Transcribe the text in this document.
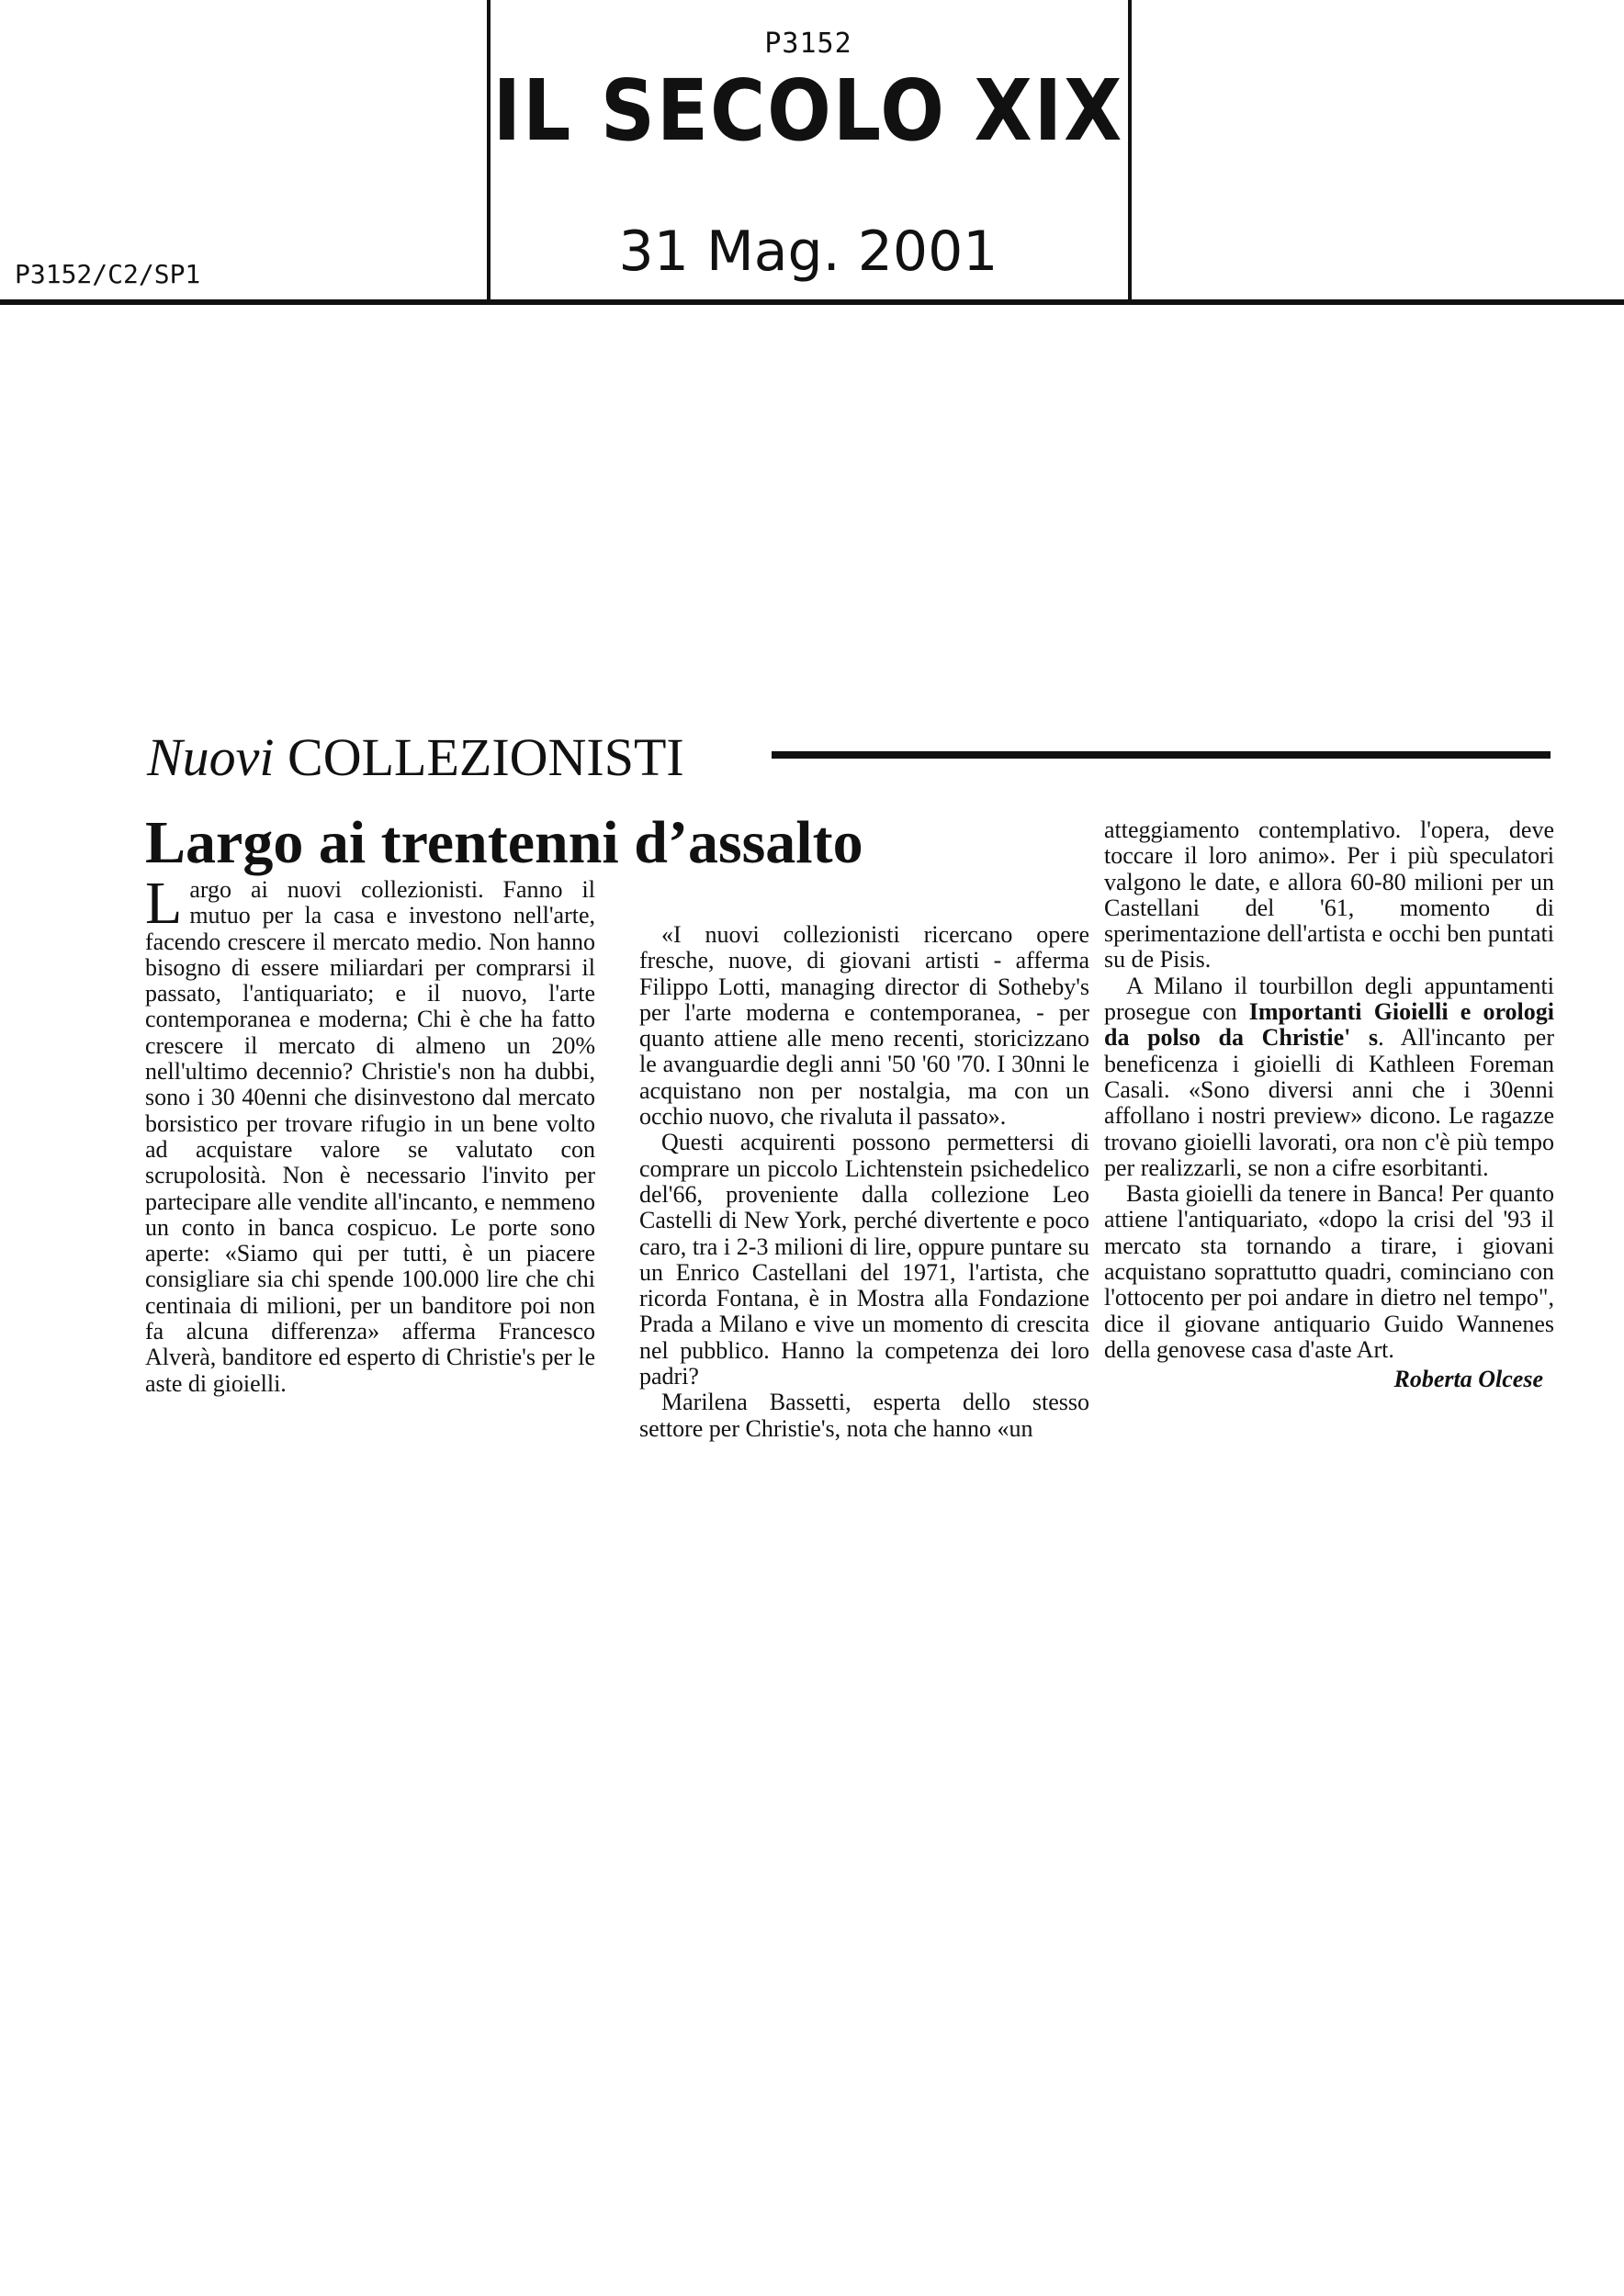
P3152
IL SECOLO XIX
31 Mag. 2001
P3152/C2/SP1
Nuovi COLLEZIONISTI
Largo ai trentenni d’assalto

Largo ai nuovi collezionisti. Fanno il mutuo per la casa e investono nell'arte, facendo crescere il mercato medio. Non hanno bisogno di essere miliardari per comprarsi il passato, l'antiquariato; e il nuovo, l'arte contemporanea e moderna; Chi è che ha fatto crescere il mercato di almeno un 20% nell'ultimo decennio? Christie's non ha dubbi, sono i 30 40enni che disinvestono dal mercato borsistico per trovare rifugio in un bene volto ad acquistare valore se valutato con scrupolosità. Non è necessario l'invito per partecipare alle vendite all'incanto, e nemmeno un conto in banca cospicuo. Le porte sono aperte: «Siamo qui per tutti, è un piacere consigliare sia chi spende 100.000 lire che chi centinaia di milioni, per un banditore poi non fa alcuna differenza» afferma Francesco Alverà, banditore ed esperto di Christie's per le aste di gioielli.

«I nuovi collezionisti ricercano opere fresche, nuove, di giovani artisti - afferma Filippo Lotti, managing director di Sotheby's per l'arte moderna e contemporanea, - per quanto attiene alle meno recenti, storicizzano le avanguardie degli anni '50 '60 '70. I 30nni le acquistano non per nostalgia, ma con un occhio nuovo, che rivaluta il passato».

Questi acquirenti possono permettersi di comprare un piccolo Lichtenstein psichedelico del'66, proveniente dalla collezione Leo Castelli di New York, perché divertente e poco caro, tra i 2-3 milioni di lire, oppure puntare su un Enrico Castellani del 1971, l'artista, che ricorda Fontana, è in Mostra alla Fondazione Prada a Milano e vive un momento di crescita nel pubblico. Hanno la competenza dei loro padri?

Marilena Bassetti, esperta dello stesso settore per Christie's, nota che hanno «un

atteggiamento contemplativo. l'opera, deve toccare il loro animo». Per i più speculatori valgono le date, e allora 60-80 milioni per un Castellani del '61, momento di sperimentazione dell'artista e occhi ben puntati su de Pisis.

A Milano il tourbillon degli appuntamenti prosegue con Importanti Gioielli e orologi da polso da Christie' s. All'incanto per beneficenza i gioielli di Kathleen Foreman Casali. «Sono diversi anni che i 30enni affollano i nostri preview» dicono. Le ragazze trovano gioielli lavorati, ora non c'è più tempo per realizzarli, se non a cifre esorbitanti.

Basta gioielli da tenere in Banca! Per quanto attiene l'antiquariato, «dopo la crisi del '93 il mercato sta tornando a tirare, i giovani acquistano soprattutto quadri, cominciano con l'ottocento per poi andare in dietro nel tempo", dice il giovane antiquario Guido Wannenes della genovese casa d'aste Art.

Roberta Olcese
